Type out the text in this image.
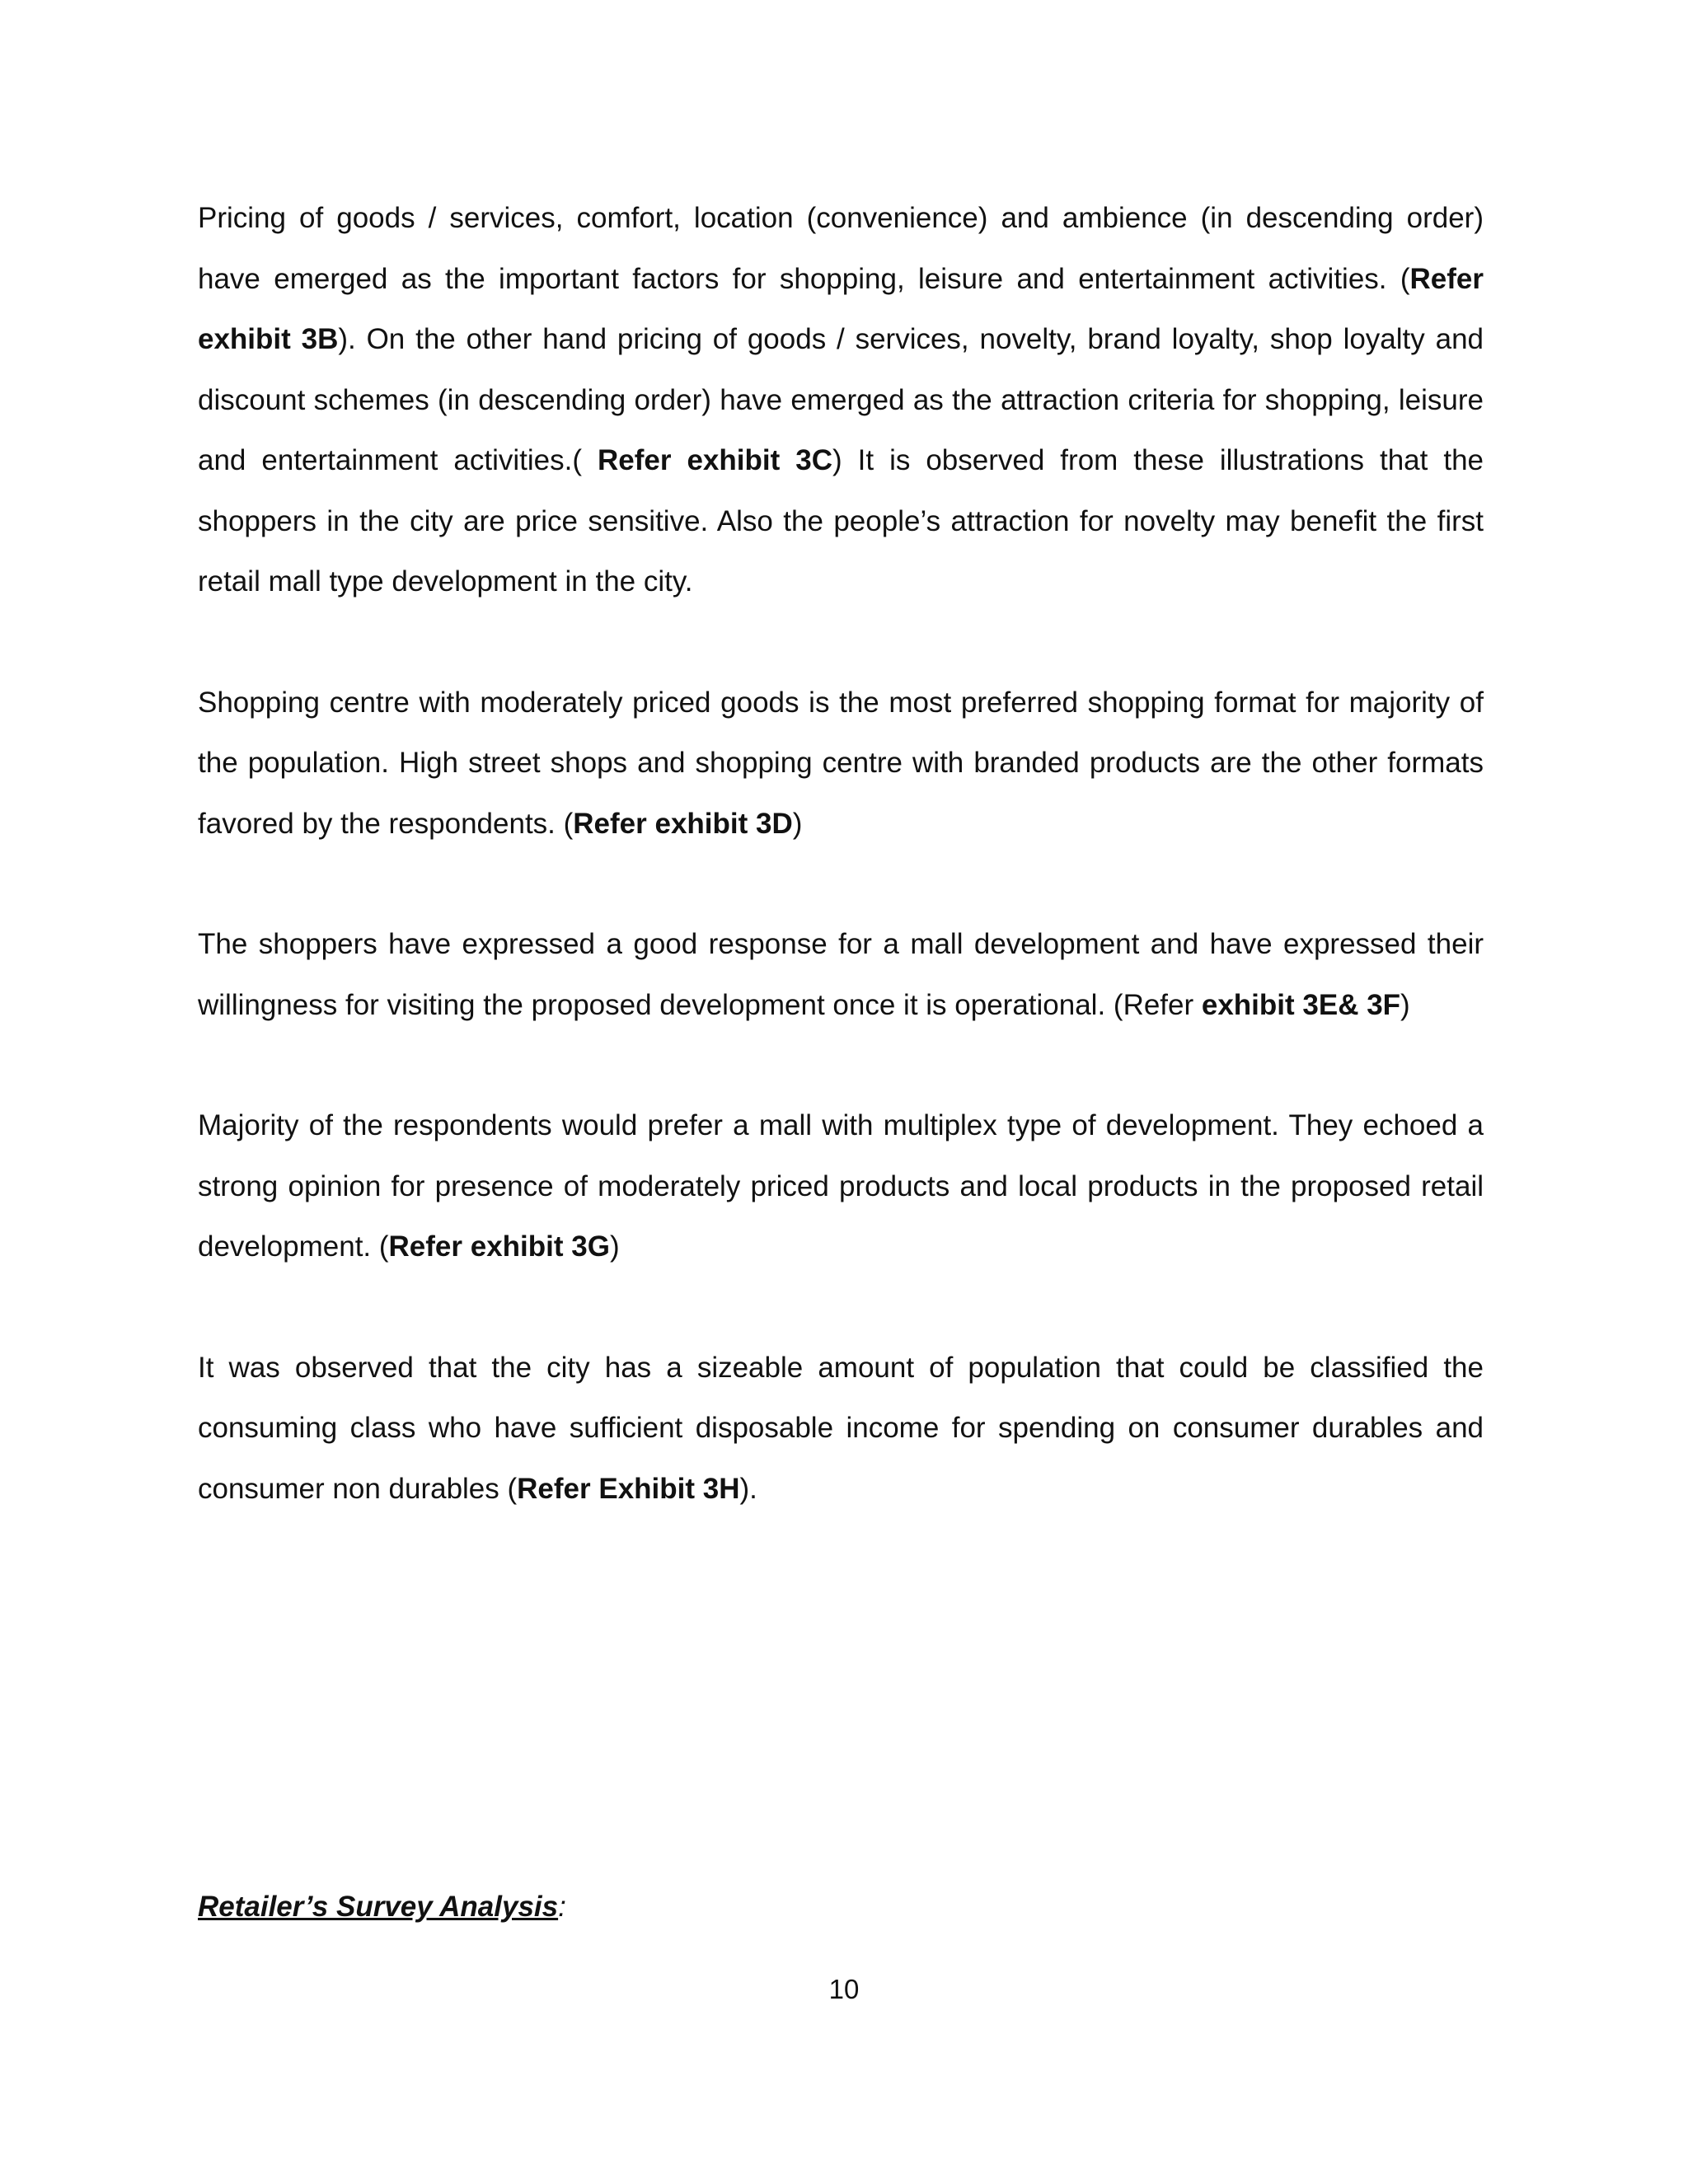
Pricing of goods / services, comfort, location (convenience) and ambience (in descending order) have emerged as the important factors for shopping, leisure and entertainment activities. (Refer exhibit 3B). On the other hand pricing of goods / services, novelty, brand loyalty, shop loyalty and discount schemes (in descending order) have emerged as the attraction criteria for shopping, leisure and entertainment activities.( Refer exhibit 3C) It is observed from these illustrations that the shoppers in the city are price sensitive. Also the people’s attraction for novelty may benefit the first retail mall type development in the city.

Shopping centre with moderately priced goods is the most preferred shopping format for majority of the population. High street shops and shopping centre with branded products are the other formats favored by the respondents. (Refer exhibit 3D)

The shoppers have expressed a good response for a mall development and have expressed their willingness for visiting the proposed development once it is operational. (Refer exhibit 3E& 3F)

Majority of the respondents would prefer a mall with multiplex type of development. They echoed a strong opinion for presence of moderately priced products and local products in the proposed retail development. (Refer exhibit 3G)

It was observed that the city has a sizeable amount of population that could be classified the consuming class who have sufficient disposable income for spending on consumer durables and consumer non durables (Refer Exhibit 3H).

Retailer’s Survey Analysis:
10
